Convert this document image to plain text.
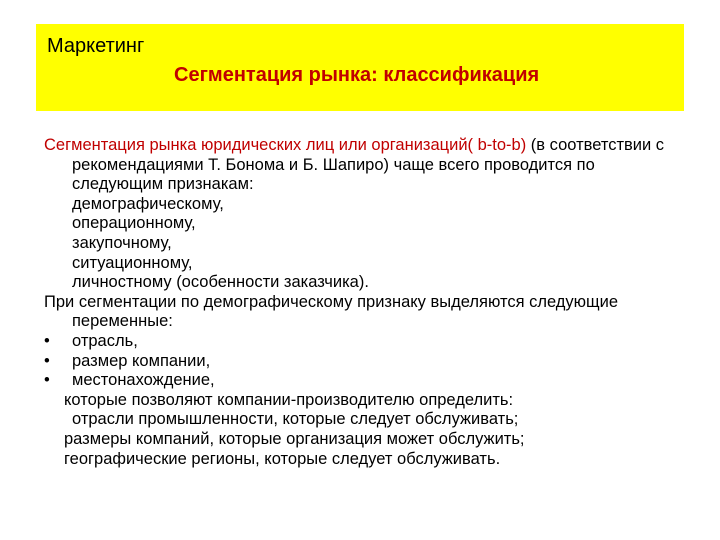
Маркетинг
Сегментация рынка: классификация

Сегментация рынка юридических лиц или организаций( b-to-b) (в соответствии с рекомендациями Т. Бонома и Б. Шапиро) чаще всего проводится по следующим признакам:

демографическому,
операционному,
закупочному,
ситуационному,
личностному (особенности заказчика).

При сегментации по демографическому признаку выделяются следующие переменные:

•	отрасль,
•	размер компании,
•	местонахождение,
которые позволяют компании-производителю определить:
отрасли промышленности, которые следует обслуживать;
размеры компаний, которые организация может обслужить;
географические регионы, которые следует обслуживать.
